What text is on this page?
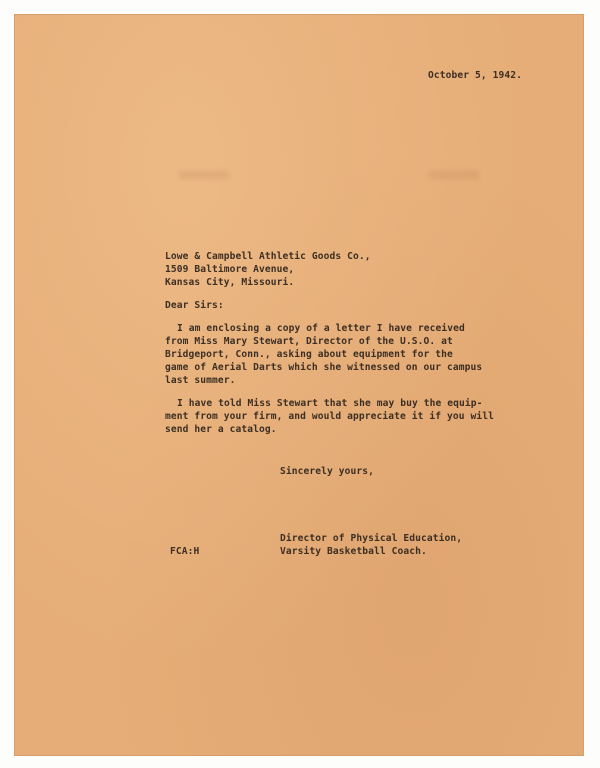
October 5, 1942.
Lowe & Campbell Athletic Goods Co.,
1509 Baltimore Avenue,
Kansas City, Missouri.
Dear Sirs:
I am enclosing a copy of a letter I have received
from Miss Mary Stewart, Director of the U.S.O. at
Bridgeport, Conn., asking about equipment for the
game of Aerial Darts which she witnessed on our campus
last summer.
I have told Miss Stewart that she may buy the equip-
ment from your firm, and would appreciate it if you will
send her a catalog.
Sincerely yours,
Director of Physical Education,
Varsity Basketball Coach.
FCA:H
